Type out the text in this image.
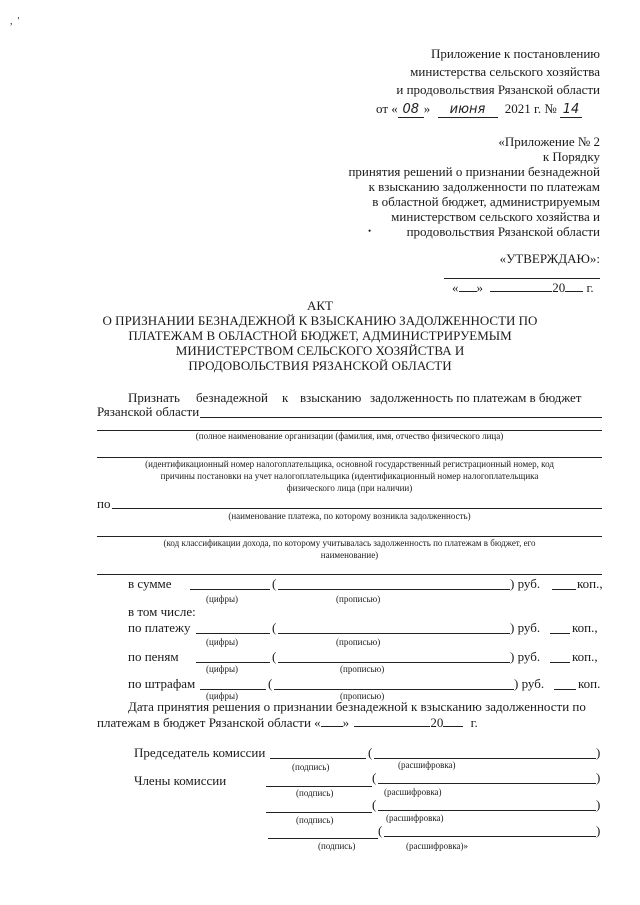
,  '
Приложение к постановлению
министерства сельского хозяйства
и продовольствия Рязанской области
от « 08 » июня 2021 г. № 14
«Приложение № 2
к Порядку
принятия решений о признании безнадежной
к взысканию задолженности по платежам
в областной бюджет, администрируемым
министерством сельского хозяйства и
продовольствия Рязанской области
•
«УТВЕРЖДАЮ»:
« »	20 г.
АКТ
О ПРИЗНАНИИ БЕЗНАДЕЖНОЙ К ВЗЫСКАНИЮ ЗАДОЛЖЕННОСТИ ПО
ПЛАТЕЖАМ В ОБЛАСТНОЙ БЮДЖЕТ, АДМИНИСТРИРУЕМЫМ
МИНИСТЕРСТВОМ СЕЛЬСКОГО ХОЗЯЙСТВА И
ПРОДОВОЛЬСТВИЯ РЯЗАНСКОЙ ОБЛАСТИ
Признать безнадежной к взысканию задолженность по платежам в бюджет
Рязанской области
(полное наименование организации (фамилия, имя, отчество физического лица)
(идентификационный номер налогоплательщика, основной государственный регистрационный номер, код
причины постановки на учет налогоплательщика (идентификационный номер налогоплательщика
физического лица (при наличии)
по
(наименование платежа, по которому возникла задолженность)
(код классификации дохода, по которому учитывалась задолженность по платежам в бюджет, его
наименование)
в сумме	(	) руб.	коп.,
(цифры)	(прописью)
в том числе:
по платежу	(	) руб. коп.,
(цифры)	(прописью)
по пеням	(	) руб. коп.,
(цифры)	(прописью)
по штрафам	(	) руб.	коп.
(цифры)	(прописью)
Дата принятия решения о признании безнадежной к взысканию задолженности по
платежам в бюджет Рязанской области « »	20 г.
Председатель комиссии	(	)
(подпись)	(расшифровка)
Члены комиссии	(	)
(подпись)	(расшифровка)
(	)
(подпись)	(расшифровка)
(	)
(подпись)	(расшифровка)»
